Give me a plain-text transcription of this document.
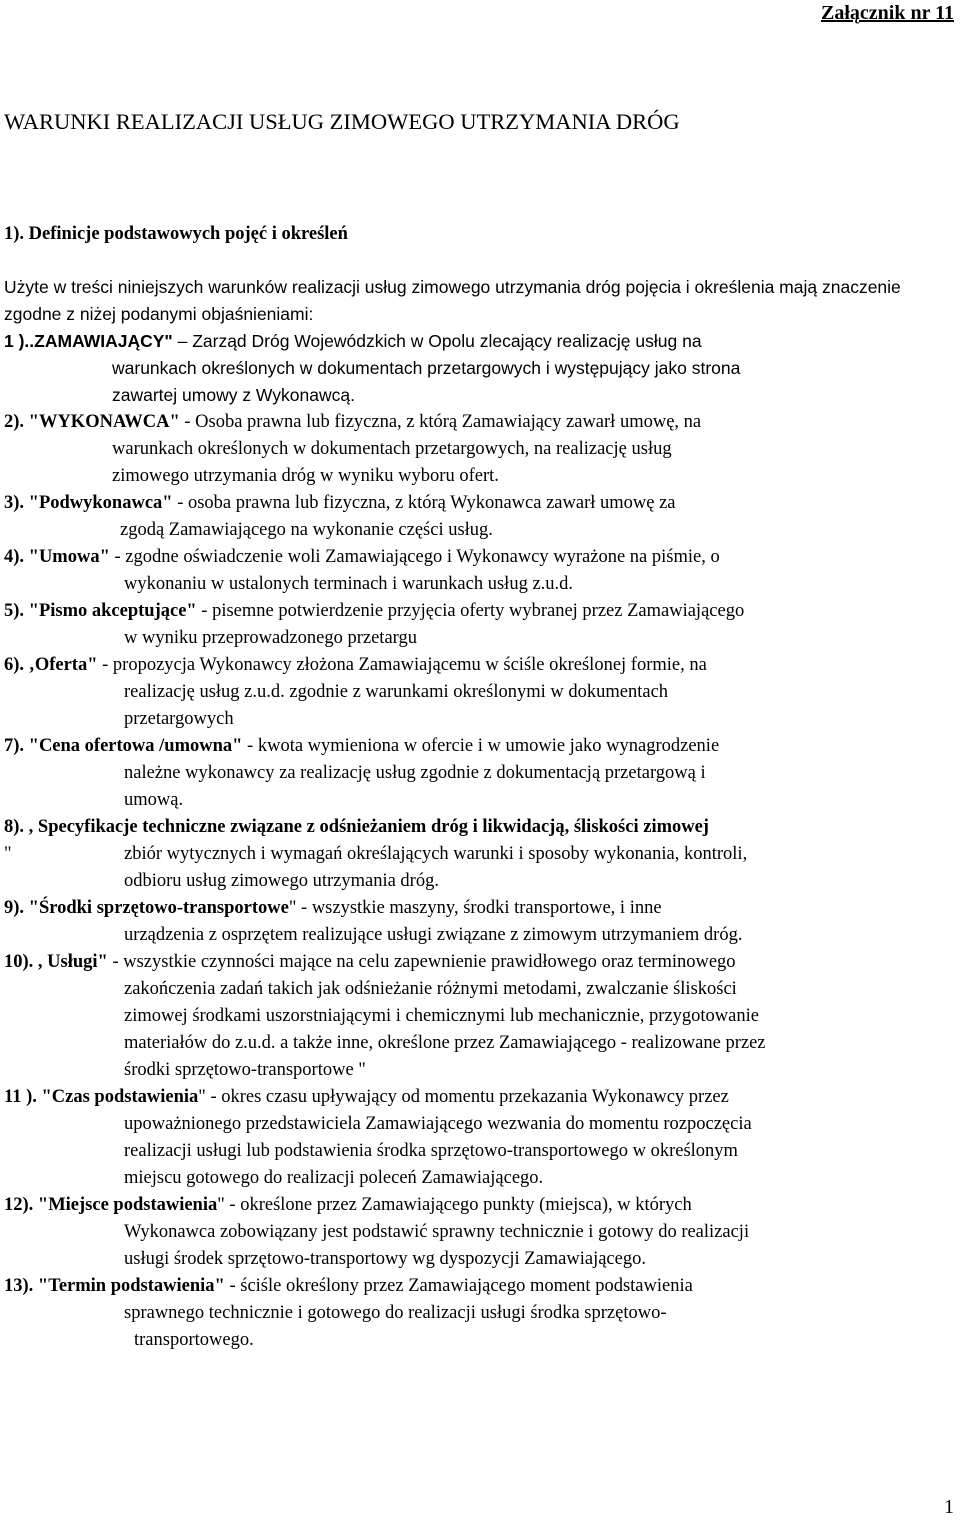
Załącznik nr 11
WARUNKI REALIZACJI USŁUG ZIMOWEGO UTRZYMANIA DRÓG
1). Definicje podstawowych pojęć i określeń
Użyte w treści niniejszych warunków realizacji usług zimowego utrzymania dróg pojęcia i określenia mają znaczenie zgodne z niżej podanymi objaśnieniami:
1 )..ZAMAWIAJĄCY" – Zarząd Dróg Wojewódzkich w Opolu zlecający realizację usług na
warunkach określonych w dokumentach przetargowych i występujący jako strona
zawartej umowy z Wykonawcą.
2). "WYKONAWCA" - Osoba prawna lub fizyczna, z którą Zamawiający zawarł umowę, na
warunkach określonych w dokumentach przetargowych, na realizację usług
zimowego utrzymania dróg w wyniku wyboru ofert.
3). "Podwykonawca" - osoba prawna lub fizyczna, z którą Wykonawca zawarł umowę za
zgodą Zamawiającego na wykonanie części usług.
4). "Umowa" - zgodne oświadczenie woli Zamawiającego i Wykonawcy wyrażone na piśmie, o
wykonaniu w ustalonych terminach i warunkach usług z.u.d.
5). "Pismo akceptujące" - pisemne potwierdzenie przyjęcia oferty wybranej przez Zamawiającego
w wyniku przeprowadzonego przetargu
6). ‚Oferta" - propozycja Wykonawcy złożona Zamawiającemu w ściśle określonej formie, na
realizację usług z.u.d. zgodnie z warunkami określonymi w dokumentach
przetargowych
7). "Cena ofertowa /umowna" - kwota wymieniona w ofercie i w umowie jako wynagrodzenie
należne wykonawcy za realizację usług zgodnie z dokumentacją przetargową i
umową.
8). , Specyfikacje techniczne związane z odśnieżaniem dróg i likwidacją, śliskości zimowej
"	zbiór wytycznych i wymagań określających warunki i sposoby wykonania, kontroli,
odbioru usług zimowego utrzymania dróg.
9). "Środki sprzętowo-transportowe" - wszystkie maszyny, środki transportowe, i inne
urządzenia z osprzętem realizujące usługi związane z zimowym utrzymaniem dróg.
10). , Usługi" - wszystkie czynności mające na celu zapewnienie prawidłowego oraz terminowego
zakończenia zadań takich jak odśnieżanie różnymi metodami, zwalczanie śliskości
zimowej środkami uszorstniającymi i chemicznymi lub mechanicznie, przygotowanie
materiałów do z.u.d. a także inne, określone przez Zamawiającego - realizowane przez
środki sprzętowo-transportowe "
11 ). "Czas podstawienia" - okres czasu upływający od momentu przekazania Wykonawcy przez
upoważnionego przedstawiciela Zamawiającego wezwania do momentu rozpoczęcia
realizacji usługi lub podstawienia środka sprzętowo-transportowego w określonym
miejscu gotowego do realizacji poleceń Zamawiającego.
12). "Miejsce podstawienia" - określone przez Zamawiającego punkty (miejsca), w których
Wykonawca zobowiązany jest podstawić sprawny technicznie i gotowy do realizacji
usługi środek sprzętowo-transportowy wg dyspozycji Zamawiającego.
13). "Termin podstawienia" - ściśle określony przez Zamawiającego moment podstawienia
sprawnego technicznie i gotowego do realizacji usługi środka sprzętowo-
transportowego.
1
